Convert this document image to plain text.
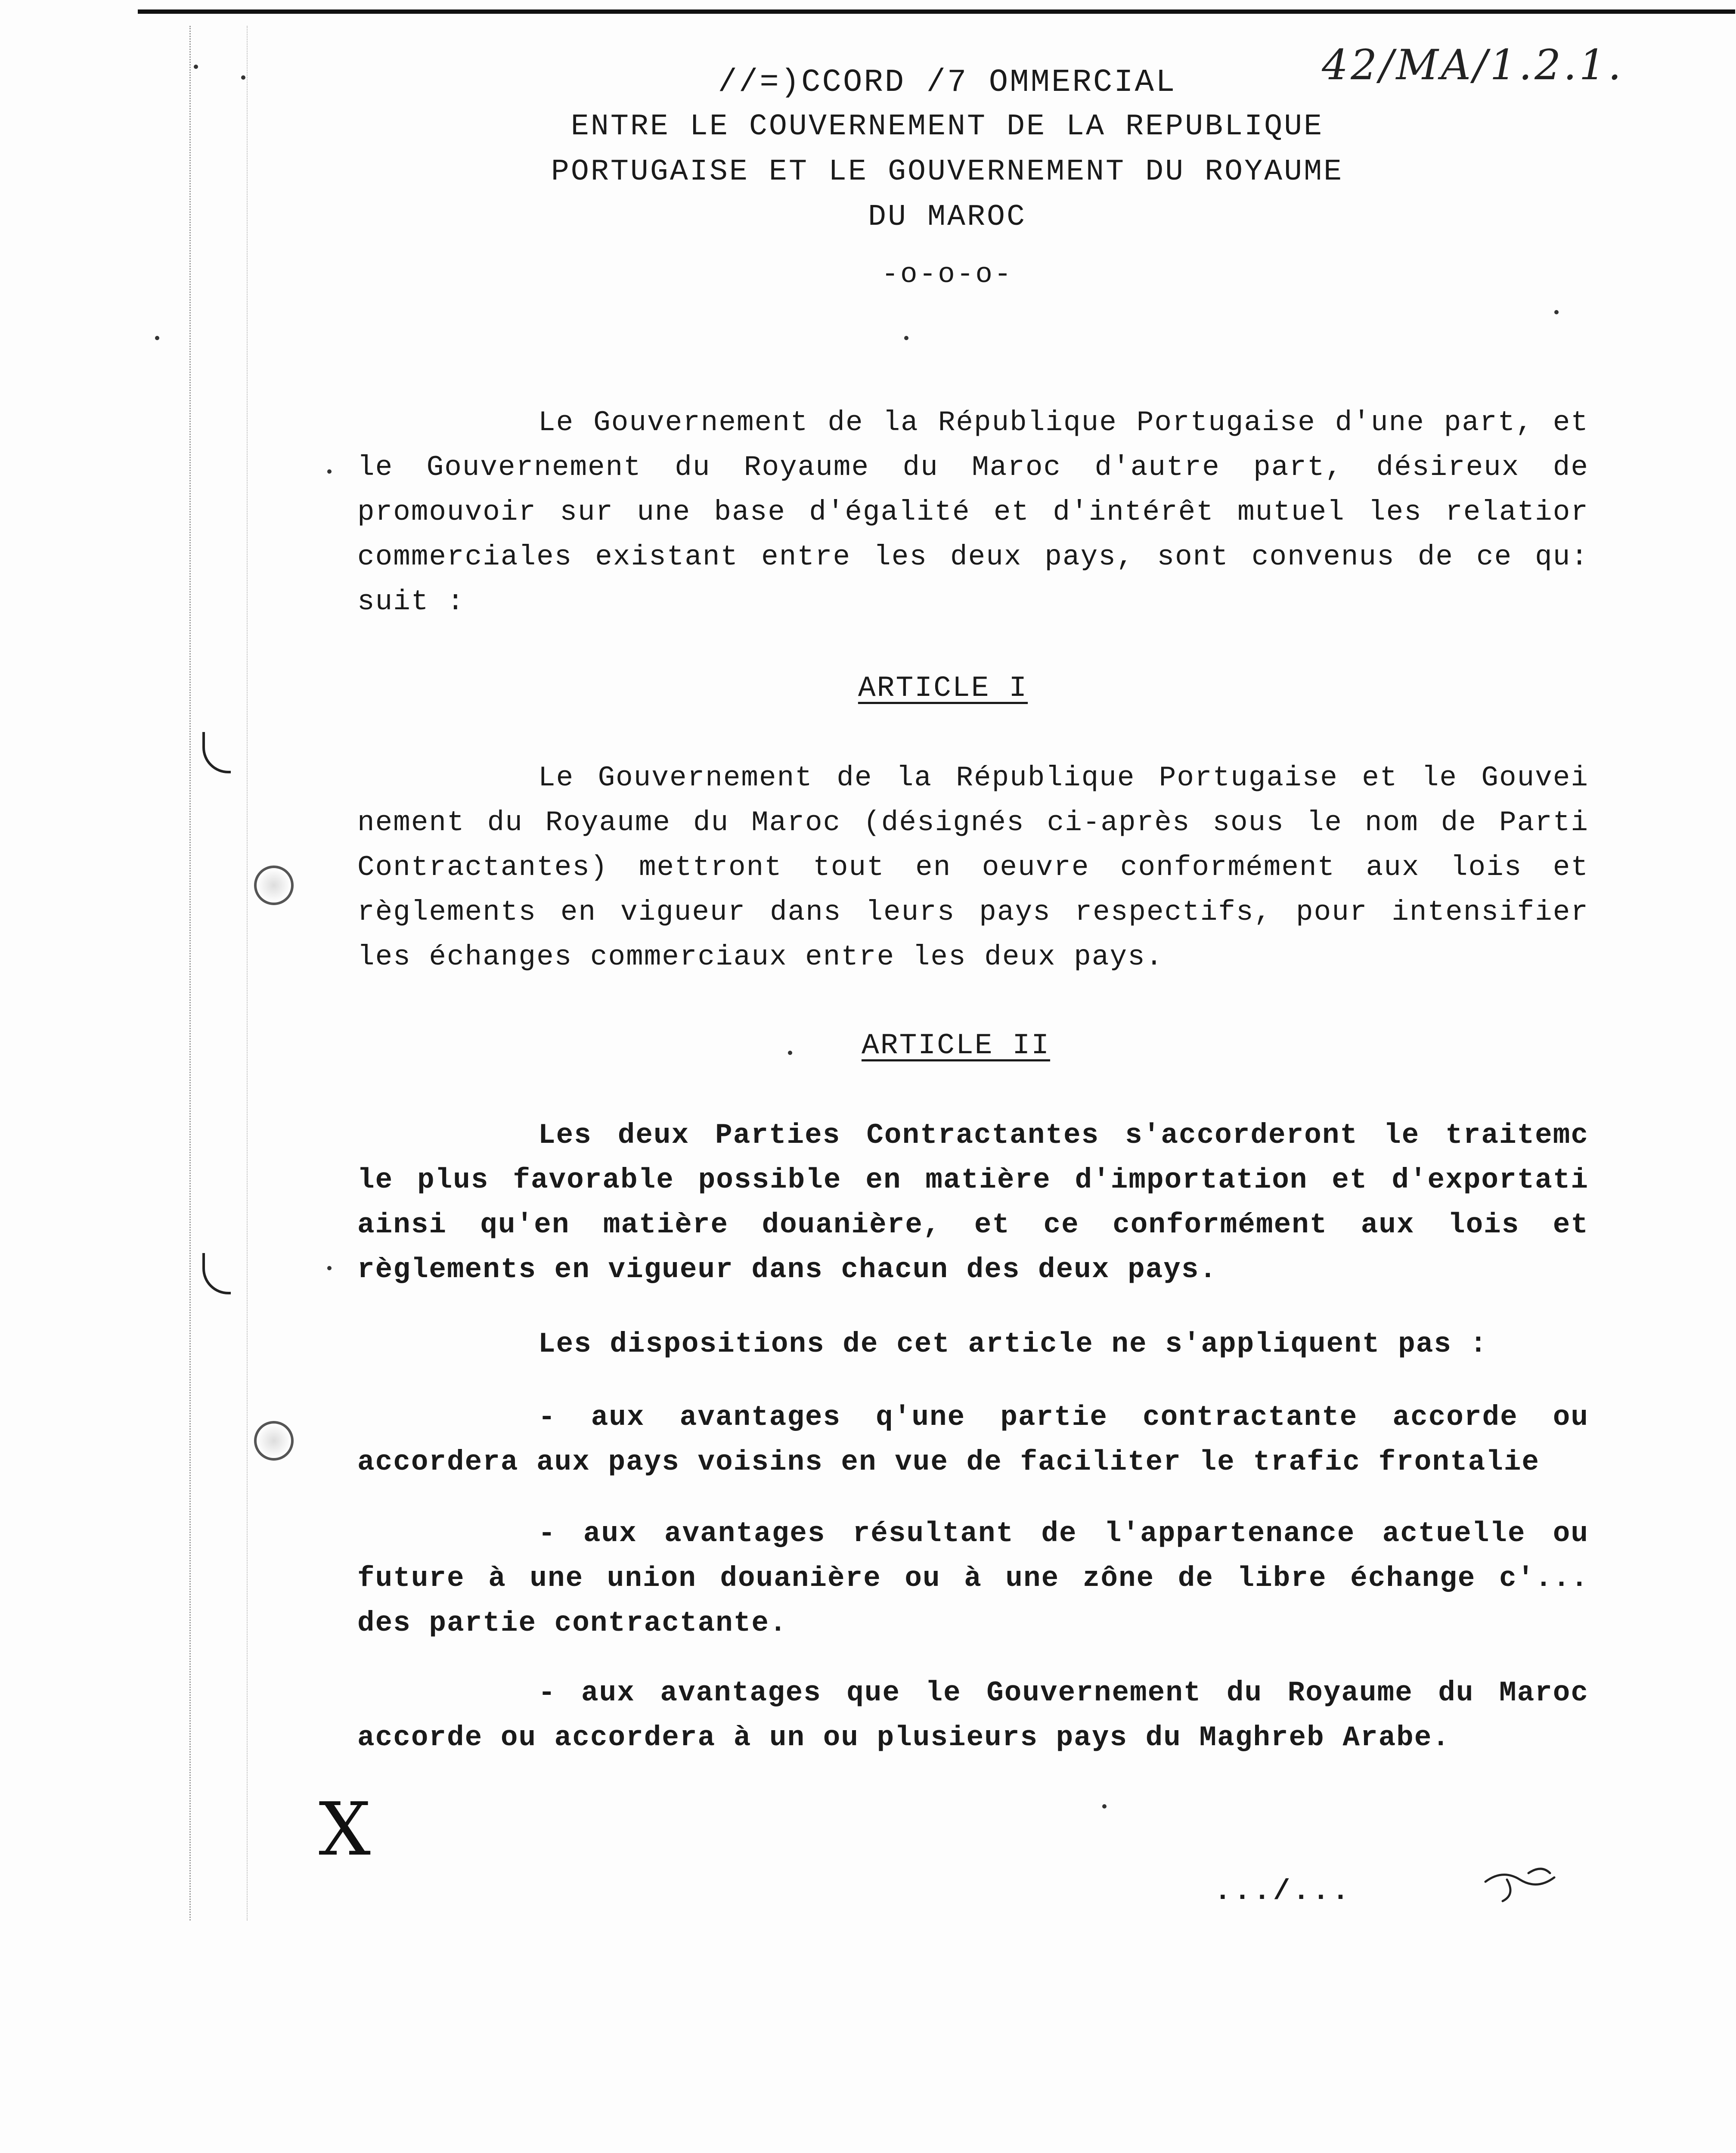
42/MA/1.2.1.
//=)CCORD /7 OMMERCIAL
ENTRE LE COUVERNEMENT DE LA REPUBLIQUE
PORTUGAISE ET LE GOUVERNEMENT DU ROYAUME
DU MAROC
-o-o-o-

Le Gouvernement de la République Portugaise d'une part, et le Gouvernement du Royaume du Maroc d'autre part, désireux de promouvoir sur une base d'égalité et d'intérêt mutuel les relatior commerciales existant entre les deux pays, sont convenus de ce qu: suit :

ARTICLE I

Le Gouvernement de la République Portugaise et le Gouvei nement du Royaume du Maroc (désignés ci-après sous le nom de Parti Contractantes) mettront tout en oeuvre conformément aux lois et règlements en vigueur dans leurs pays respectifs, pour intensifier les échanges commerciaux entre les deux pays.

ARTICLE II

Les deux Parties Contractantes s'accorderont le traitemc le plus favorable possible en matière d'importation et d'exportati ainsi qu'en matière douanière, et ce conformément aux lois et règlements en vigueur dans chacun des deux pays.

Les dispositions de cet article ne s'appliquent pas :

- aux avantages q'une partie contractante accorde ou accordera aux pays voisins en vue de faciliter le trafic frontalie

- aux avantages résultant de l'appartenance actuelle ou future à une union douanière ou à une zône de libre échange c'... des partie contractante.

- aux avantages que le Gouvernement du Royaume du Maroc accorde ou accordera à un ou plusieurs pays du Maghreb Arabe.

X
.../...
